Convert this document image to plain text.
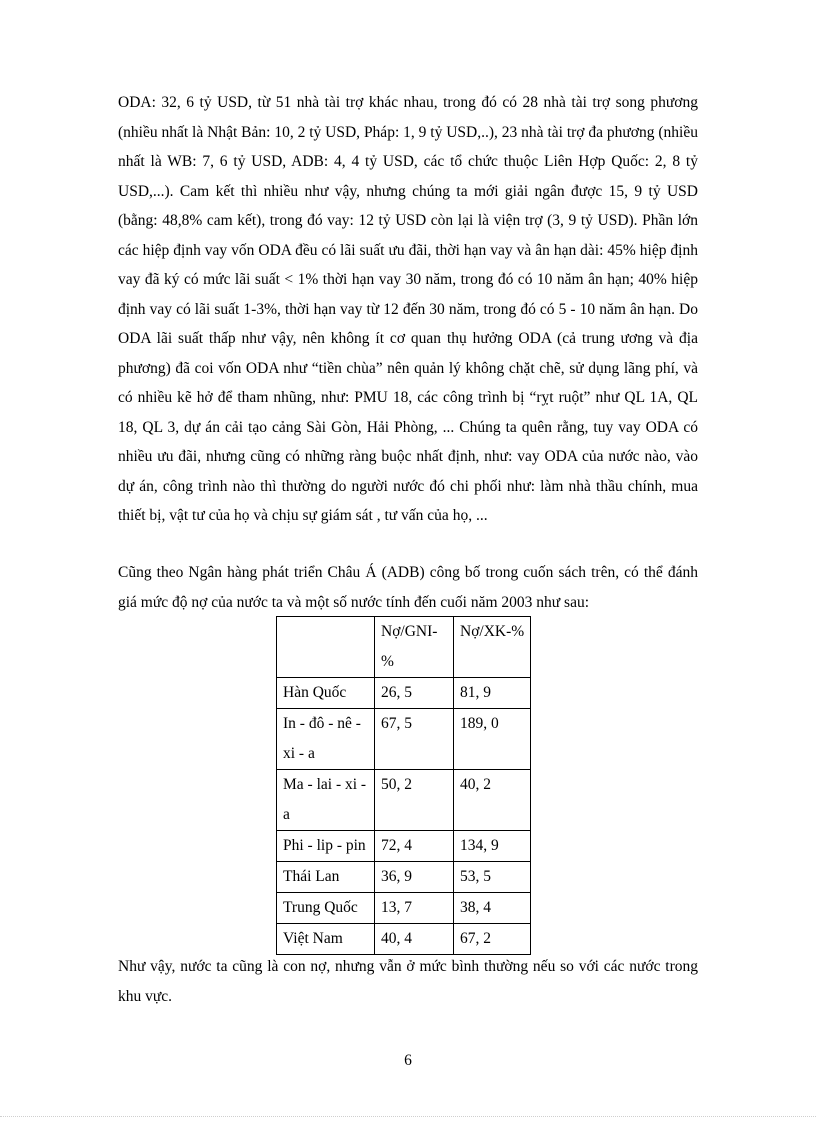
ODA: 32, 6 tỷ USD, từ 51 nhà tài trợ khác nhau, trong đó có 28 nhà tài trợ song phương (nhiều nhất là Nhật Bản: 10, 2 tỷ USD, Pháp: 1, 9 tỷ USD,..), 23 nhà tài trợ đa phương (nhiều nhất là WB: 7, 6 tỷ USD, ADB: 4, 4 tỷ USD, các tổ chức thuộc Liên Hợp Quốc: 2, 8 tỷ USD,...). Cam kết thì nhiều như vậy, nhưng chúng ta mới giải ngân được 15, 9 tỷ USD (bằng: 48,8% cam kết), trong đó vay: 12 tỷ USD còn lại là viện trợ (3, 9 tỷ USD). Phần lớn các hiệp định vay vốn ODA đều có lãi suất ưu đãi, thời hạn vay và ân hạn dài: 45% hiệp định vay đã ký có mức lãi suất < 1% thời hạn vay 30 năm, trong đó có 10 năm ân hạn; 40% hiệp định vay có lãi suất 1-3%, thời hạn vay từ 12 đến 30 năm, trong đó có 5 - 10 năm ân hạn. Do ODA lãi suất thấp như vậy, nên không ít cơ quan thụ hưởng ODA (cả trung ương và địa phương) đã coi vốn ODA như “tiền chùa” nên quản lý không chặt chẽ, sử dụng lãng phí, và có nhiều kẽ hở để tham nhũng, như: PMU 18, các công trình bị “rỵt ruột” như QL 1A, QL 18, QL 3, dự án cải tạo cảng Sài Gòn, Hải Phòng, ... Chúng ta quên rằng, tuy vay ODA có nhiều ưu đãi, nhưng cũng có những ràng buộc nhất định, như: vay ODA của nước nào, vào dự án, công trình nào thì thường do người nước đó chi phối như: làm nhà thầu chính, mua thiết bị, vật tư của họ và chịu sự giám sát , tư vấn của họ, ...

Cũng theo Ngân hàng phát triển Châu Á (ADB) công bố trong cuốn sách trên, có thể đánh giá mức độ nợ của nước ta và một số nước tính đến cuối năm 2003 như sau:

	Nợ/GNI-%	Nợ/XK-%
Hàn Quốc	26, 5	81, 9
In - đô - nê - xi - a	67, 5	189, 0
Ma - lai - xi - a	50, 2	40, 2
Phi - lip - pin	72, 4	134, 9
Thái Lan	36, 9	53, 5
Trung Quốc	13, 7	38, 4
Việt Nam	40, 4	67, 2

Như vậy, nước ta cũng là con nợ, nhưng vẫn ở mức bình thường nếu so với các nước trong khu vực.

6
